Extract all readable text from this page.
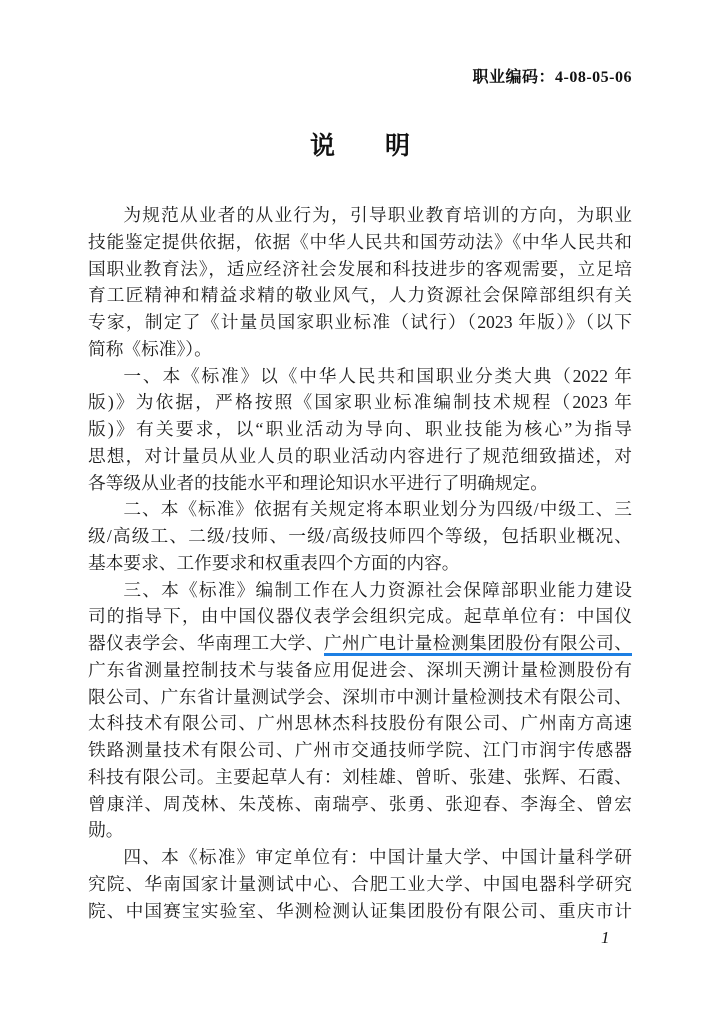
职业编码：4-08-05-06
说　　明
为规范从业者的从业行为，引导职业教育培训的方向，为职业
技能鉴定提供依据，依据《中华人民共和国劳动法》《中华人民共和
国职业教育法》，适应经济社会发展和科技进步的客观需要，立足培
育工匠精神和精益求精的敬业风气，人力资源社会保障部组织有关
专家，制定了《计量员国家职业标准（试行）（2023 年版）》（以下
简称《标准》）。
一、本《标准》以《中华人民共和国职业分类大典（2022 年
版)》为依据，严格按照《国家职业标准编制技术规程（2023 年
版)》有关要求，以“职业活动为导向、职业技能为核心”为指导
思想，对计量员从业人员的职业活动内容进行了规范细致描述，对
各等级从业者的技能水平和理论知识水平进行了明确规定。
二、本《标准》依据有关规定将本职业划分为四级/中级工、三
级/高级工、二级/技师、一级/高级技师四个等级，包括职业概况、
基本要求、工作要求和权重表四个方面的内容。
三、本《标准》编制工作在人力资源社会保障部职业能力建设
司的指导下，由中国仪器仪表学会组织完成。起草单位有：中国仪
器仪表学会、华南理工大学、广州广电计量检测集团股份有限公司、
广东省测量控制技术与装备应用促进会、深圳天溯计量检测股份有
限公司、广东省计量测试学会、深圳市中测计量检测技术有限公司、
太科技术有限公司、广州思林杰科技股份有限公司、广州南方高速
铁路测量技术有限公司、广州市交通技师学院、江门市润宇传感器
科技有限公司。主要起草人有：刘桂雄、曾昕、张建、张辉、石霞、
曾康洋、周茂林、朱茂栋、南瑞亭、张勇、张迎春、李海全、曾宏
勋。
四、本《标准》审定单位有：中国计量大学、中国计量科学研
究院、华南国家计量测试中心、合肥工业大学、中国电器科学研究
院、中国赛宝实验室、华测检测认证集团股份有限公司、重庆市计
1
